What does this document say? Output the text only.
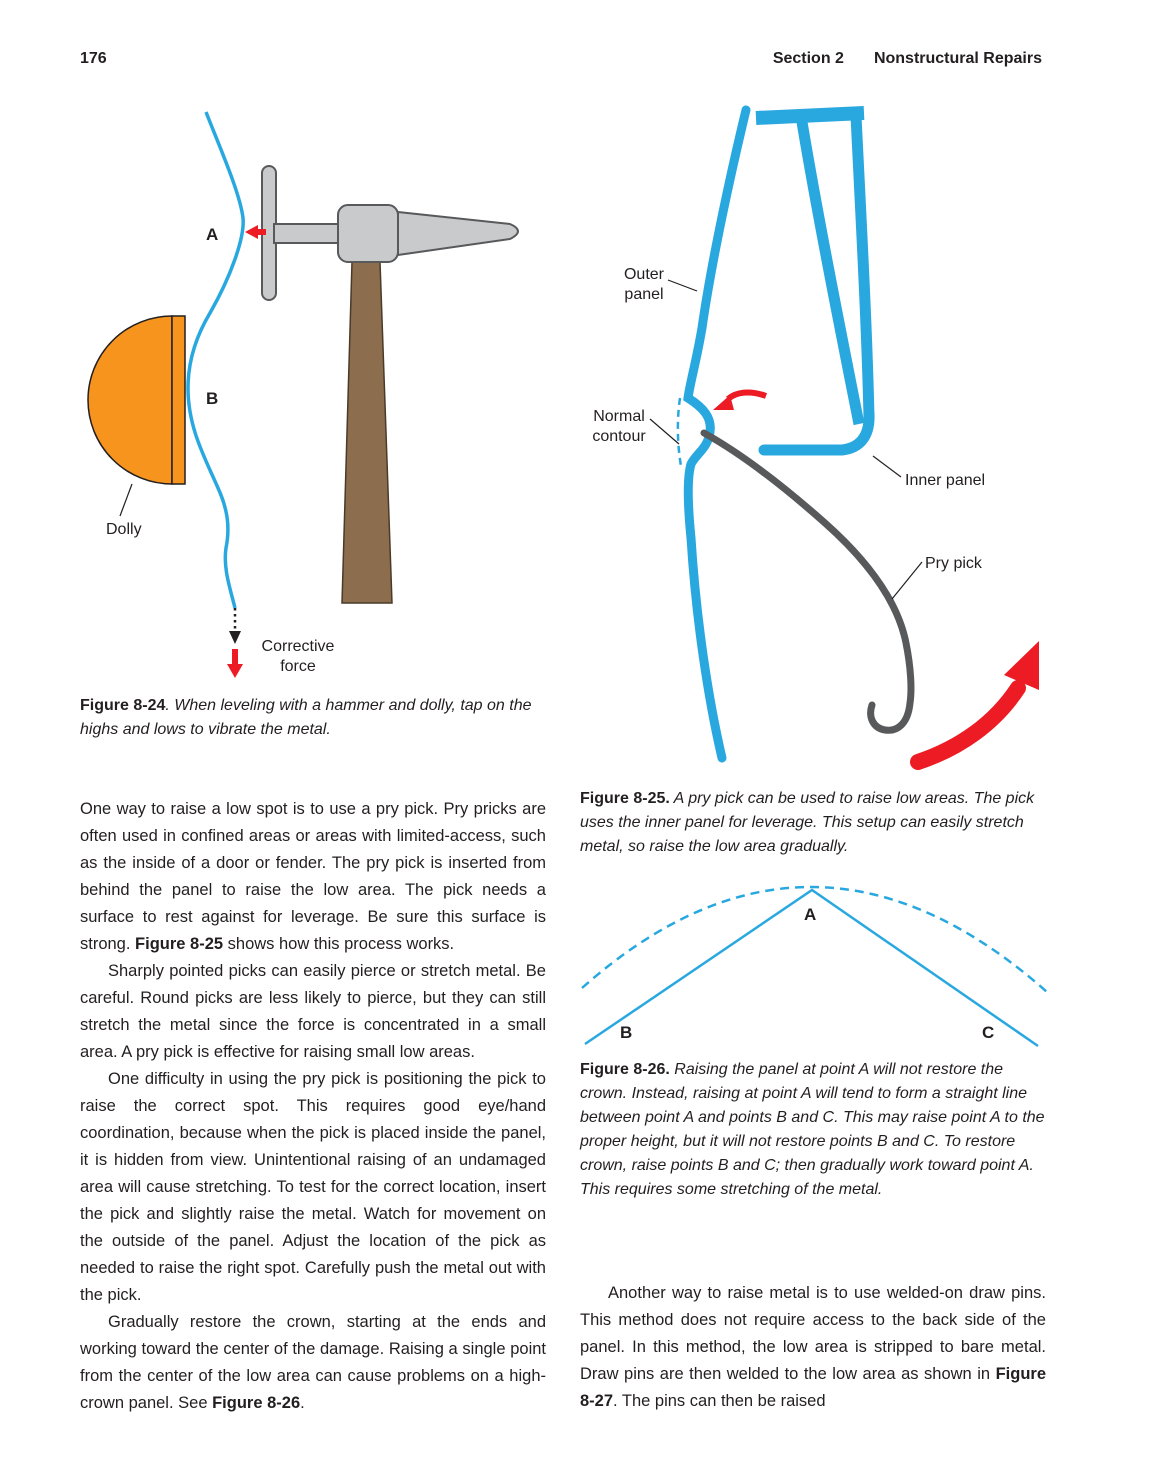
176	Section 2 Nonstructural Repairs
A
B
Dolly
Corrective
force
Figure 8-24. When leveling with a hammer and dolly, tap on the highs and lows to vibrate the metal.

One way to raise a low spot is to use a pry pick. Pry pricks are often used in confined areas or areas with limited-access, such as the inside of a door or fender. The pry pick is inserted from behind the panel to raise the low area. The pick needs a surface to rest against for leverage. Be sure this surface is strong. Figure 8-25 shows how this process works.

Sharply pointed picks can easily pierce or stretch metal. Be careful. Round picks are less likely to pierce, but they can still stretch the metal since the force is concentrated in a small area. A pry pick is effective for raising small low areas.

One difficulty in using the pry pick is positioning the pick to raise the correct spot. This requires good eye/hand coordination, because when the pick is placed inside the panel, it is hidden from view. Unintentional raising of an undamaged area will cause stretching. To test for the correct location, insert the pick and slightly raise the metal. Watch for movement on the outside of the panel. Adjust the location of the pick as needed to raise the right spot. Carefully push the metal out with the pick.

Gradually restore the crown, starting at the ends and working toward the center of the damage. Raising a single point from the center of the low area can cause problems on a high-crown panel. See Figure 8-26.

Outer
panel
Normal
contour
Inner panel
Pry pick
Figure 8-25. A pry pick can be used to raise low areas. The pick uses the inner panel for leverage. This setup can easily stretch metal, so raise the low area gradually.
A
B	C
Figure 8-26. Raising the panel at point A will not restore the crown. Instead, raising at point A will tend to form a straight line between point A and points B and C. This may raise point A to the proper height, but it will not restore points B and C. To restore crown, raise points B and C; then gradually work toward point A. This requires some stretching of the metal.

Another way to raise metal is to use welded-on draw pins. This method does not require access to the back side of the panel. In this method, the low area is stripped to bare metal. Draw pins are then welded to the low area as shown in Figure 8-27. The pins can then be raised
